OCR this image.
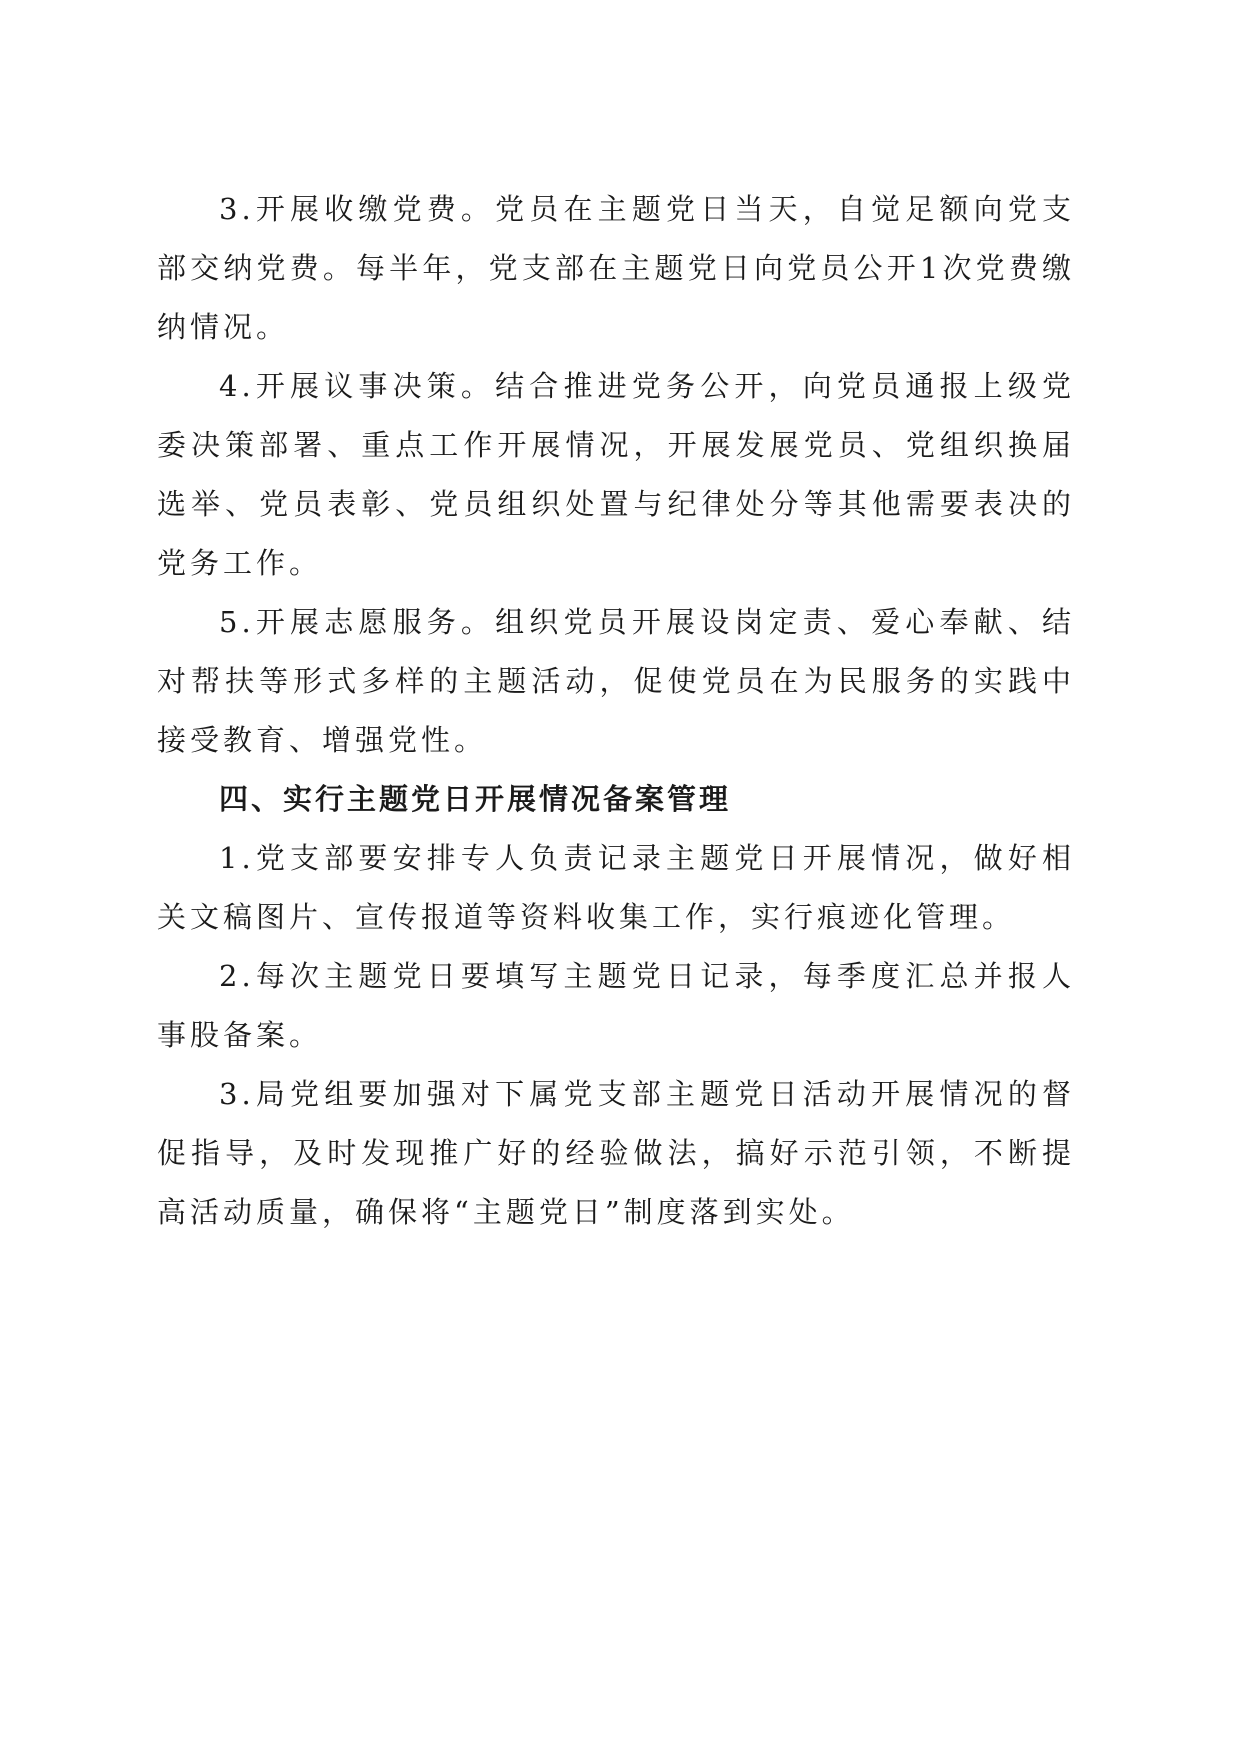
3.开展收缴党费。党员在主题党日当天，自觉足额向党支部交纳党费。每半年，党支部在主题党日向党员公开1次党费缴纳情况。

4.开展议事决策。结合推进党务公开，向党员通报上级党委决策部署、重点工作开展情况，开展发展党员、党组织换届选举、党员表彰、党员组织处置与纪律处分等其他需要表决的党务工作。

5.开展志愿服务。组织党员开展设岗定责、爱心奉献、结对帮扶等形式多样的主题活动，促使党员在为民服务的实践中接受教育、增强党性。

四、实行主题党日开展情况备案管理

1.党支部要安排专人负责记录主题党日开展情况，做好相关文稿图片、宣传报道等资料收集工作，实行痕迹化管理。

2.每次主题党日要填写主题党日记录，每季度汇总并报人事股备案。

3.局党组要加强对下属党支部主题党日活动开展情况的督促指导，及时发现推广好的经验做法，搞好示范引领，不断提高活动质量，确保将“主题党日”制度落到实处。
